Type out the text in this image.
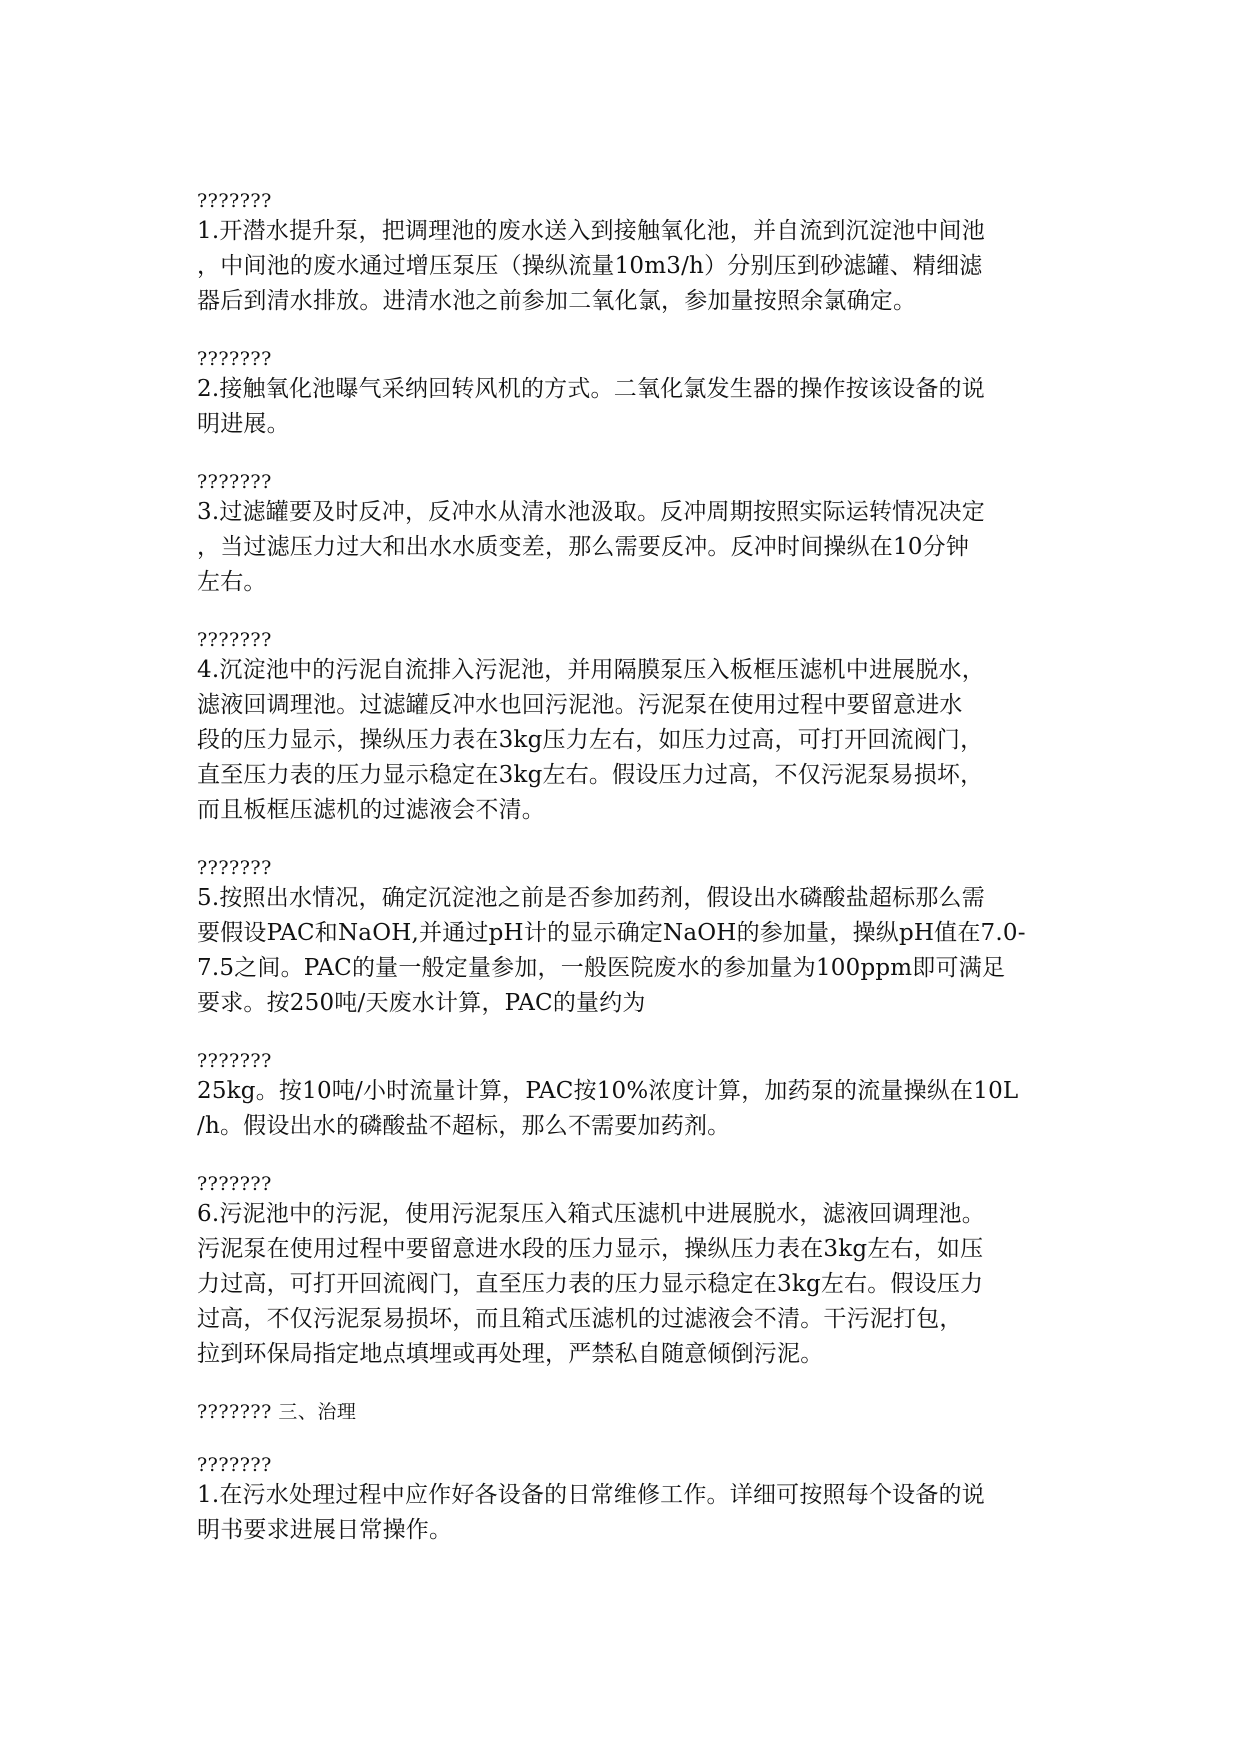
???????
1.开潜水提升泵，把调理池的废水送入到接触氧化池，并自流到沉淀池中间池
，中间池的废水通过增压泵压（操纵流量10m3/h）分别压到砂滤罐、精细滤
器后到清水排放。进清水池之前参加二氧化氯，参加量按照余氯确定。
???????
2.接触氧化池曝气采纳回转风机的方式。二氧化氯发生器的操作按该设备的说
明进展。
???????
3.过滤罐要及时反冲，反冲水从清水池汲取。反冲周期按照实际运转情况决定
，当过滤压力过大和出水水质变差，那么需要反冲。反冲时间操纵在10分钟
左右。
???????
4.沉淀池中的污泥自流排入污泥池，并用隔膜泵压入板框压滤机中进展脱水，
滤液回调理池。过滤罐反冲水也回污泥池。污泥泵在使用过程中要留意进水
段的压力显示，操纵压力表在3kg压力左右，如压力过高，可打开回流阀门，
直至压力表的压力显示稳定在3kg左右。假设压力过高，不仅污泥泵易损坏，
而且板框压滤机的过滤液会不清。
???????
5.按照出水情况，确定沉淀池之前是否参加药剂，假设出水磷酸盐超标那么需
要假设PAC和NaOH,并通过pH计的显示确定NaOH的参加量，操纵pH值在7.0-
7.5之间。PAC的量一般定量参加，一般医院废水的参加量为100ppm即可满足
要求。按250吨/天废水计算，PAC的量约为
???????
25kg。按10吨/小时流量计算，PAC按10%浓度计算，加药泵的流量操纵在10L
/h。假设出水的磷酸盐不超标，那么不需要加药剂。
???????
6.污泥池中的污泥，使用污泥泵压入箱式压滤机中进展脱水，滤液回调理池。
污泥泵在使用过程中要留意进水段的压力显示，操纵压力表在3kg左右，如压
力过高，可打开回流阀门，直至压力表的压力显示稳定在3kg左右。假设压力
过高，不仅污泥泵易损坏，而且箱式压滤机的过滤液会不清。干污泥打包，
拉到环保局指定地点填埋或再处理，严禁私自随意倾倒污泥。
??????? 三、治理
???????
1.在污水处理过程中应作好各设备的日常维修工作。详细可按照每个设备的说
明书要求进展日常操作。
